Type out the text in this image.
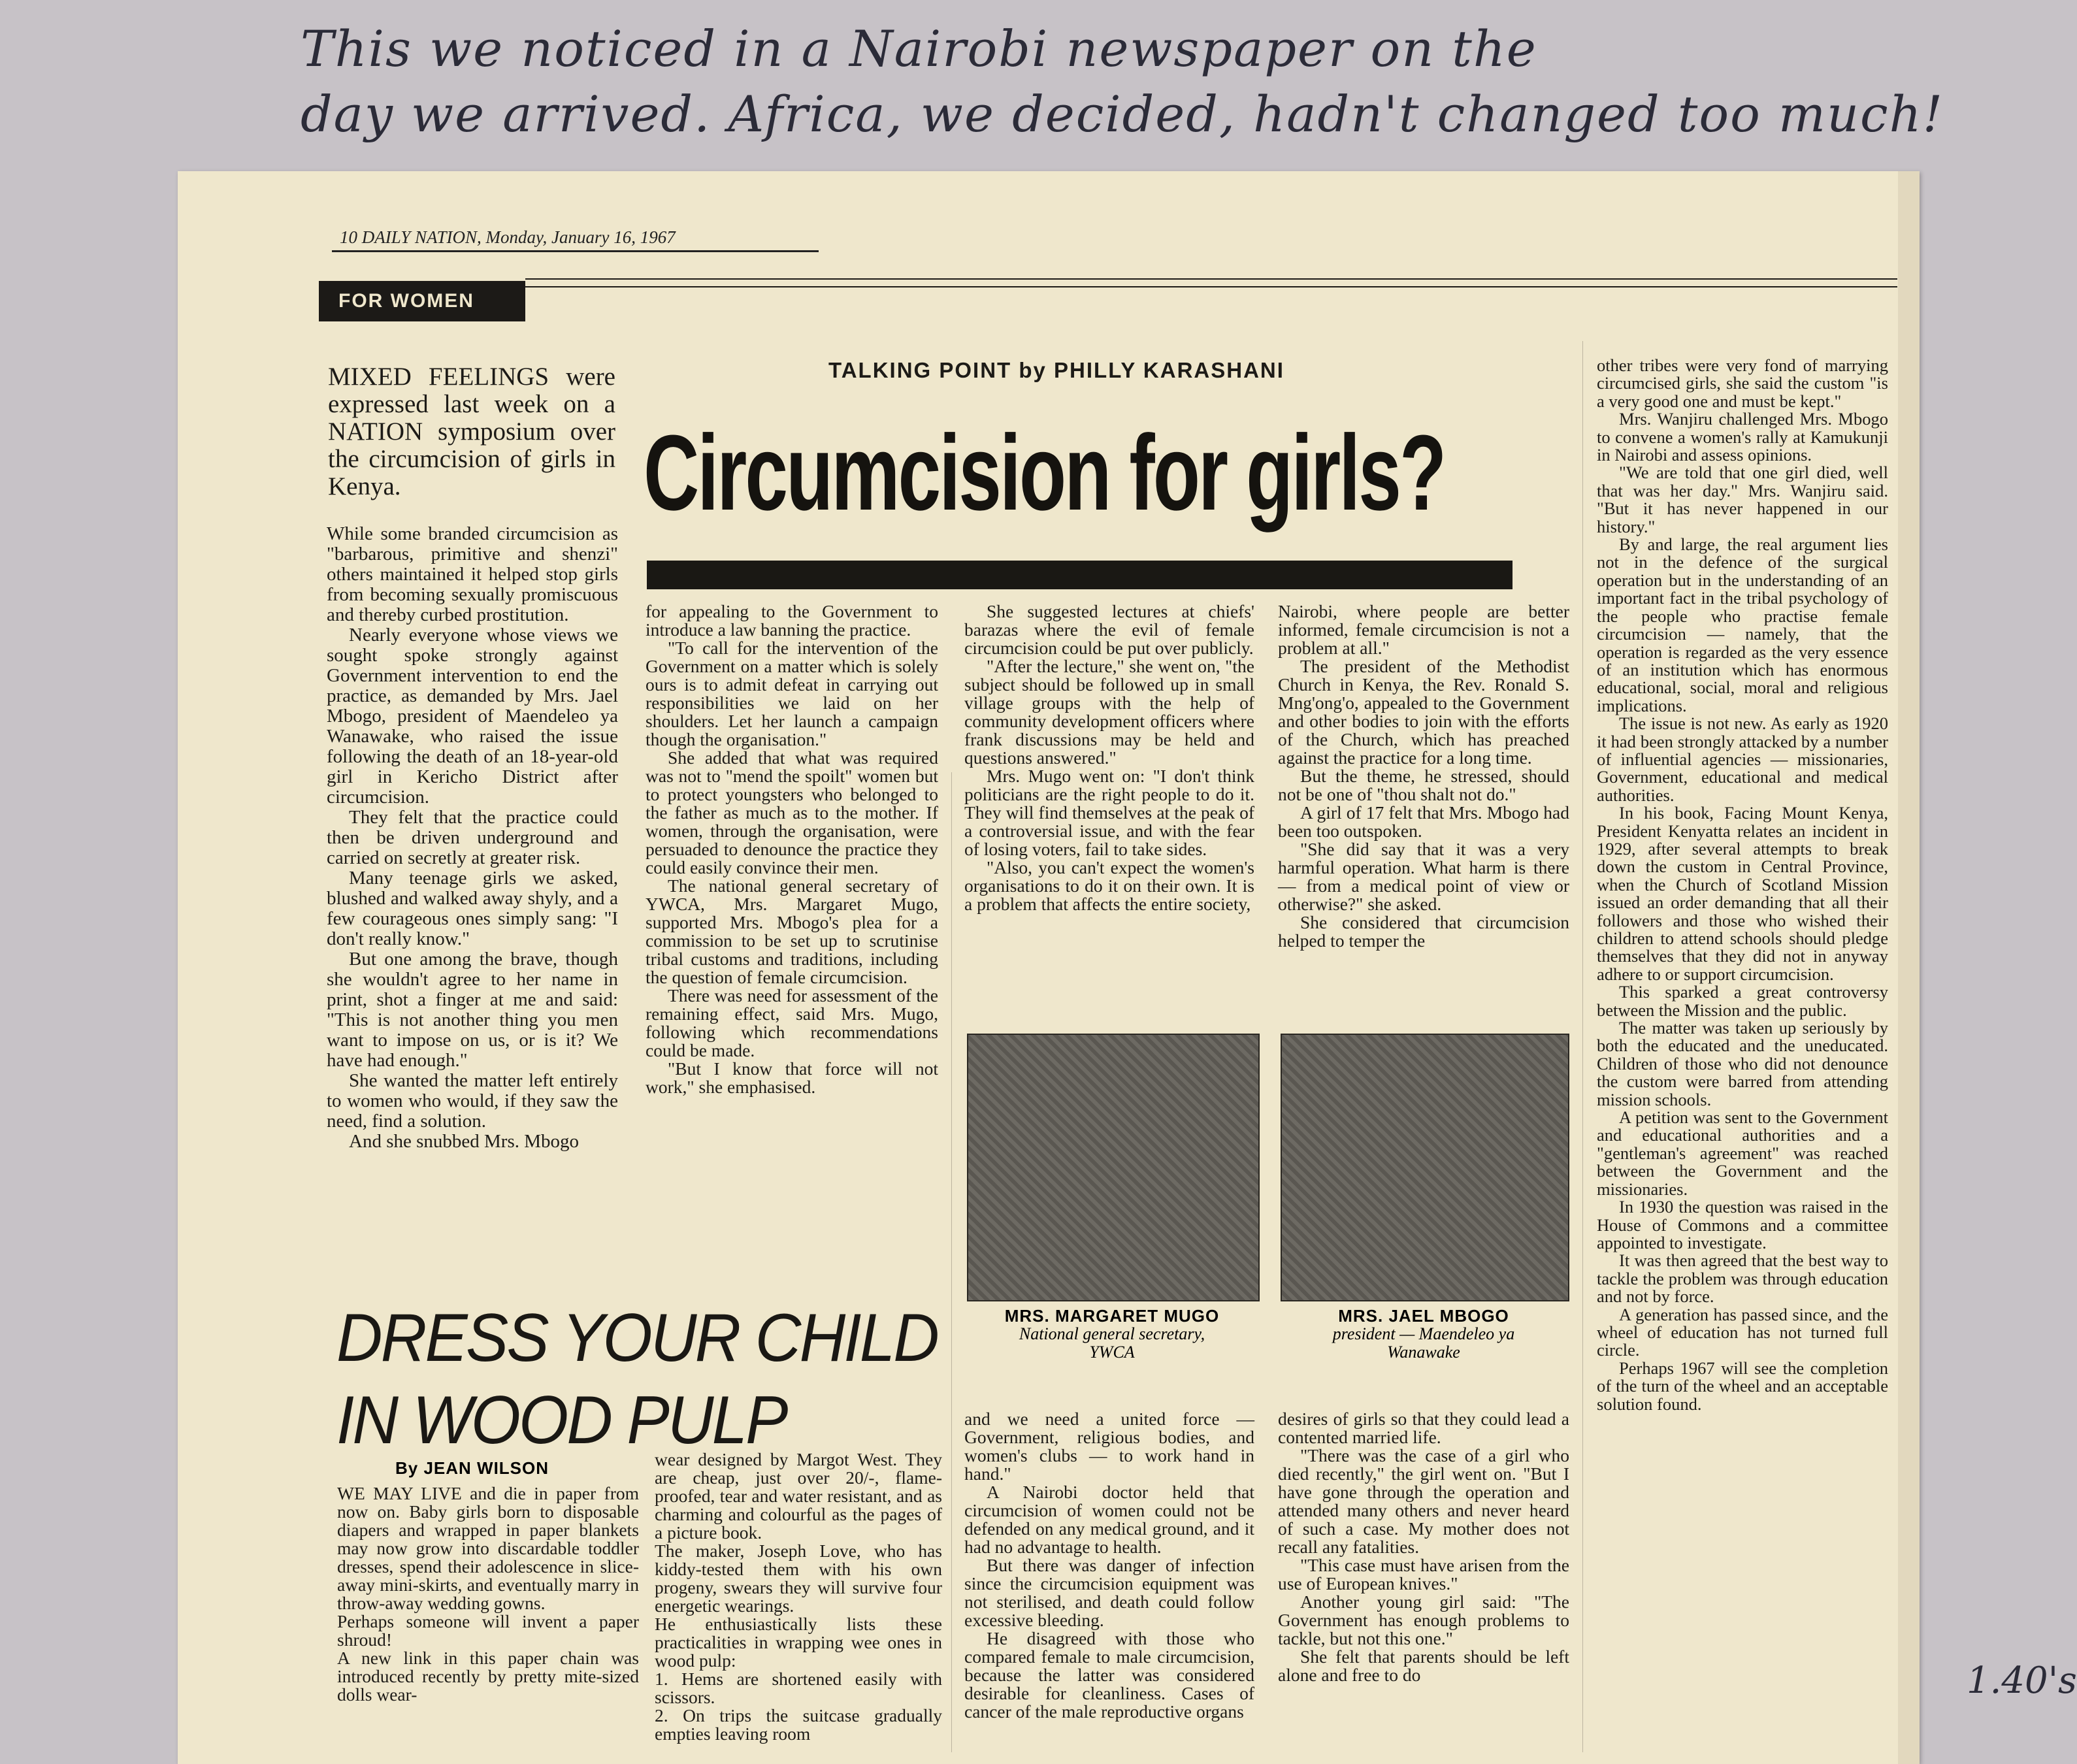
This we noticed in a Nairobi newspaper on the
day we arrived. Africa, we decided, hadn't changed too much!
10 DAILY NATION, Monday, January 16, 1967
FOR WOMEN
MIXED FEELINGS were expressed last week on a NATION symposium over the circumcision of girls in Kenya.
TALKING POINT by PHILLY KARASHANI
Circumcision for girls?

While some branded circumcision as "barbarous, primitive and shenzi" others maintained it helped stop girls from becoming sexually promiscuous and thereby curbed prostitution.

Nearly everyone whose views we sought spoke strongly against Government intervention to end the practice, as demanded by Mrs. Jael Mbogo, president of Maendeleo ya Wanawake, who raised the issue following the death of an 18-year-old girl in Kericho District after circumcision.

They felt that the practice could then be driven underground and carried on secretly at greater risk.

Many teenage girls we asked, blushed and walked away shyly, and a few courageous ones simply sang: "I don't really know."

But one among the brave, though she wouldn't agree to her name in print, shot a finger at me and said: "This is not another thing you men want to impose on us, or is it? We have had enough."

She wanted the matter left entirely to women who would, if they saw the need, find a solution.

And she snubbed Mrs. Mbogo

for appealing to the Government to introduce a law banning the practice.

"To call for the intervention of the Government on a matter which is solely ours is to admit defeat in carrying out responsibilities we laid on her shoulders. Let her launch a campaign though the organisation."

She added that what was required was not to "mend the spoilt" women but to protect youngsters who belonged to the father as much as to the mother. If women, through the organisation, were persuaded to denounce the practice they could easily convince their men.

The national general secretary of YWCA, Mrs. Margaret Mugo, supported Mrs. Mbogo's plea for a commission to be set up to scrutinise tribal customs and traditions, including the question of female circumcision.

There was need for assessment of the remaining effect, said Mrs. Mugo, following which recommendations could be made.

"But I know that force will not work," she emphasised.

She suggested lectures at chiefs' barazas where the evil of female circumcision could be put over publicly.

"After the lecture," she went on, "the subject should be followed up in small village groups with the help of community development officers where frank discussions may be held and questions answered."

Mrs. Mugo went on: "I don't think politicians are the right people to do it. They will find themselves at the peak of a controversial issue, and with the fear of losing voters, fail to take sides.

"Also, you can't expect the women's organisations to do it on their own. It is a problem that affects the entire society,

Nairobi, where people are better informed, female circumcision is not a problem at all."

The president of the Methodist Church in Kenya, the Rev. Ronald S. Mng'ong'o, appealed to the Government and other bodies to join with the efforts of the Church, which has preached against the practice for a long time.

But the theme, he stressed, should not be one of "thou shalt not do."

A girl of 17 felt that Mrs. Mbogo had been too outspoken.

"She did say that it was a very harmful operation. What harm is there — from a medical point of view or otherwise?" she asked.

She considered that circumcision helped to temper the

other tribes were very fond of marrying circumcised girls, she said the custom "is a very good one and must be kept."

Mrs. Wanjiru challenged Mrs. Mbogo to convene a women's rally at Kamukunji in Nairobi and assess opinions.

"We are told that one girl died, well that was her day." Mrs. Wanjiru said. "But it has never happened in our history."

By and large, the real argument lies not in the defence of the surgical operation but in the understanding of an important fact in the tribal psychology of the people who practise female circumcision — namely, that the operation is regarded as the very essence of an institution which has enormous educational, social, moral and religious implications.

The issue is not new. As early as 1920 it had been strongly attacked by a number of influential agencies — missionaries, Government, educational and medical authorities.

In his book, Facing Mount Kenya, President Kenyatta relates an incident in 1929, after several attempts to break down the custom in Central Province, when the Church of Scotland Mission issued an order demanding that all their followers and those who wished their children to attend schools should pledge themselves that they did not in anyway adhere to or support circumcision.

This sparked a great controversy between the Mission and the public.

The matter was taken up seriously by both the educated and the uneducated. Children of those who did not denounce the custom were barred from attending mission schools.

A petition was sent to the Government and educational authorities and a "gentleman's agreement" was reached between the Government and the missionaries.

In 1930 the question was raised in the House of Commons and a committee appointed to investigate.

It was then agreed that the best way to tackle the problem was through education and not by force.

A generation has passed since, and the wheel of education has not turned full circle.

Perhaps 1967 will see the completion of the turn of the wheel and an acceptable solution found.

MRS. MARGARET MUGO
National general secretary,
YWCA
MRS. JAEL MBOGO
president — Maendeleo ya
Wanawake

and we need a united force — Government, religious bodies, and women's clubs — to work hand in hand."

A Nairobi doctor held that circumcision of women could not be defended on any medical ground, and it had no advantage to health.

But there was danger of infection since the circumcision equipment was not sterilised, and death could follow excessive bleeding.

He disagreed with those who compared female to male circumcision, because the latter was considered desirable for cleanliness. Cases of cancer of the male reproductive organs

desires of girls so that they could lead a contented married life.

"There was the case of a girl who died recently," the girl went on. "But I have gone through the operation and attended many others and never heard of such a case. My mother does not recall any fatalities.

"This case must have arisen from the use of European knives."

Another young girl said: "The Government has enough problems to tackle, but not this one."

She felt that parents should be left alone and free to do

DRESS YOUR CHILD
IN WOOD PULP
By JEAN WILSON

WE MAY LIVE and die in paper from now on. Baby girls born to disposable diapers and wrapped in paper blankets may now grow into discardable toddler dresses, spend their adolescence in slice-away mini-skirts, and eventually marry in throw-away wedding gowns.

Perhaps someone will invent a paper shroud!

A new link in this paper chain was introduced recently by pretty mite-sized dolls wear-

wear designed by Margot West. They are cheap, just over 20/-, flame-proofed, tear and water resistant, and as charming and colourful as the pages of a picture book.

The maker, Joseph Love, who has kiddy-tested them with his own progeny, swears they will survive four energetic wearings.

He enthusiastically lists these practicalities in wrapping wee ones in wood pulp:

1. Hems are shortened easily with scissors.

2. On trips the suitcase gradually empties leaving room

1.40's
